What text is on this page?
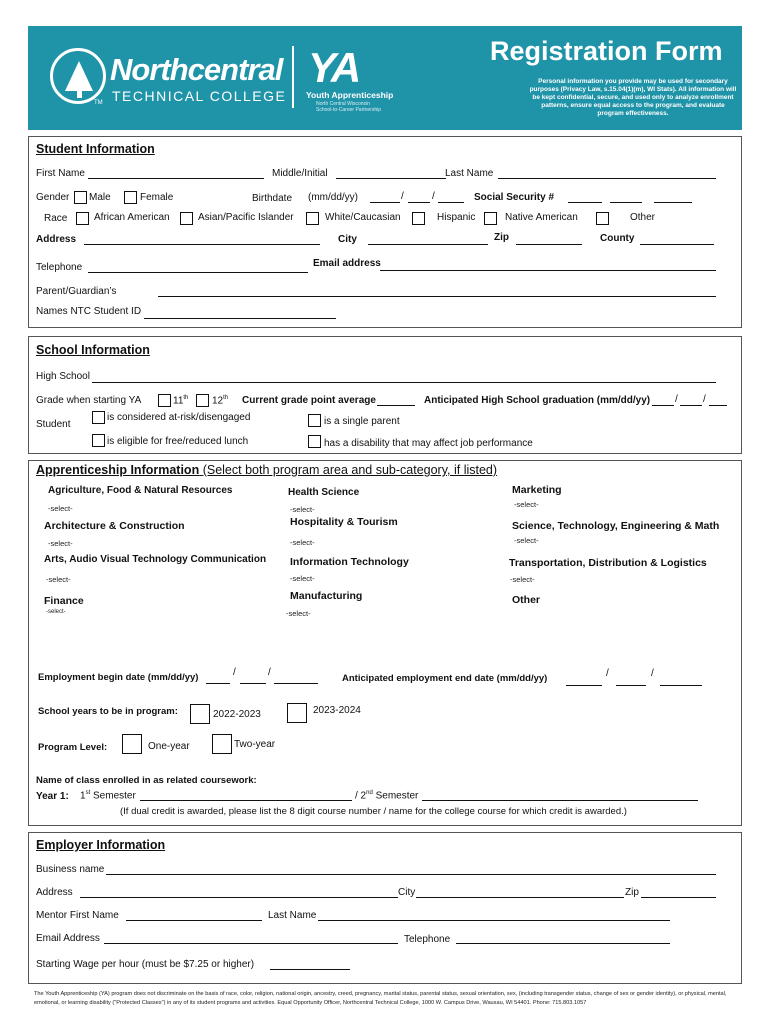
Northcentral
TECHNICAL COLLEGE
TM
YA
Youth Apprenticeship
North Central Wisconsin
School-to-Career Partnership
Registration Form
Personal information you provide may be used for secondary purposes (Privacy Law, s.15.04(1)(m), WI Stats). All information will be kept confidential, secure, and used only to analyze enrollment patterns, ensure equal access to the program, and evaluate program effectiveness.
Student Information
First Name	Middle/Initial	Last Name
Gender Male	Female	Birthdate (mm/dd/yy)	/	/	Social Security #
Race	African American	Asian/Pacific Islander	White/Caucasian	Hispanic	Native American	Other
Address	City	Zip	County
Telephone	Email address
Parent/Guardian’s
Names NTC Student ID
School Information
High School
Grade when starting YA	11th 12th Current grade point average	Anticipated High School graduation (mm/dd/yy) /	/
Student
is considered at-risk/disengaged	is a single parent
is eligible for free/reduced lunch	has a disability that may affect job performance
Apprenticeship Information (Select both program area and sub-category, if listed)
Agriculture, Food & Natural Resources
-select-
Health Science
-select-
Marketing
-select-
Architecture & Construction
-select-
Hospitality & Tourism
-select-
Science, Technology, Engineering & Math
-select-
Arts, Audio Visual Technology Communication
-select-
Information Technology
-select-
Transportation, Distribution & Logistics
-select-
Finance
-select-
Manufacturing
-select-
Other
Employment begin date (mm/dd/yy)	/	/
Anticipated employment end date (mm/dd/yy)	/	/
School years to be in program:	2022-2023	2023-2024
Program Level:	One-year	Two-year
Name of class enrolled in as related coursework:
Year 1: 1st Semester	/ 2nd Semester
(If dual credit is awarded, please list the 8 digit course number / name for the college course for which credit is awarded.)
Employer Information
Business name
Address	City	Zip
Mentor First Name	Last Name
Email Address	Telephone
Starting Wage per hour (must be $7.25 or higher)
The Youth Apprenticeship (YA) program does not discriminate on the basis of race, color, religion, national origin, ancestry, creed, pregnancy, marital status, parental status, sexual orientation, sex, (including transgender status, change of sex or gender identity), or physical, mental, emotional, or learning disability ("Protected Classes") in any of its student programs and activities. Equal Opportunity Officer, Northcentral Technical College, 1000 W. Campus Drive, Wausau, WI 54401. Phone: 715.803.1057
